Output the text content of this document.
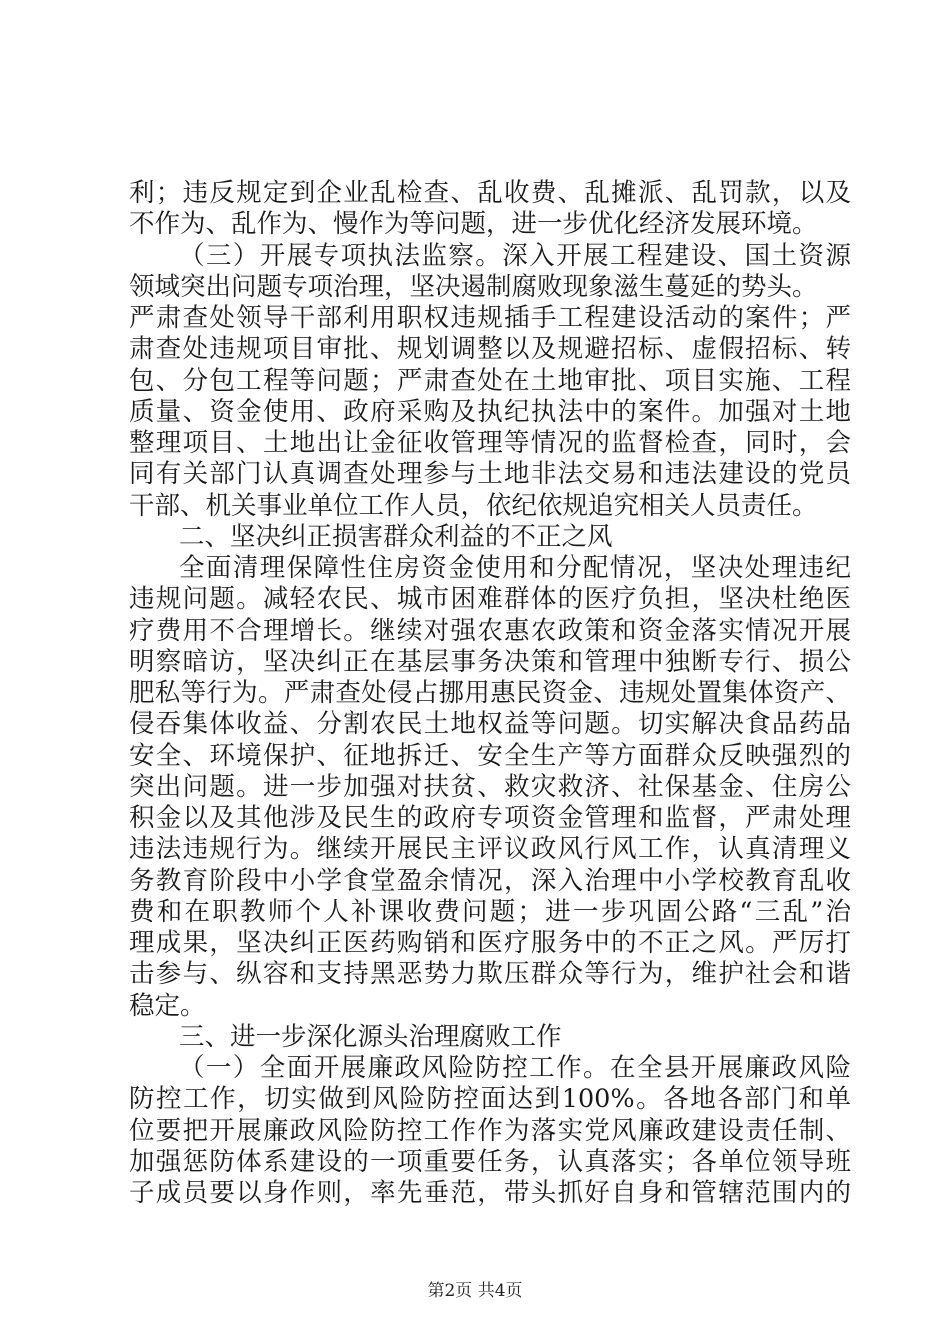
利；违反规定到企业乱检查、乱收费、乱摊派、乱罚款，以及
不作为、乱作为、慢作为等问题，进一步优化经济发展环境。
（三）开展专项执法监察。深入开展工程建设、国土资源
领域突出问题专项治理，坚决遏制腐败现象滋生蔓延的势头。
严肃查处领导干部利用职权违规插手工程建设活动的案件；严
肃查处违规项目审批、规划调整以及规避招标、虚假招标、转
包、分包工程等问题；严肃查处在土地审批、项目实施、工程
质量、资金使用、政府采购及执纪执法中的案件。加强对土地
整理项目、土地出让金征收管理等情况的监督检查，同时，会
同有关部门认真调查处理参与土地非法交易和违法建设的党员
干部、机关事业单位工作人员，依纪依规追究相关人员责任。
二、坚决纠正损害群众利益的不正之风
全面清理保障性住房资金使用和分配情况，坚决处理违纪
违规问题。减轻农民、城市困难群体的医疗负担，坚决杜绝医
疗费用不合理增长。继续对强农惠农政策和资金落实情况开展
明察暗访，坚决纠正在基层事务决策和管理中独断专行、损公
肥私等行为。严肃查处侵占挪用惠民资金、违规处置集体资产、
侵吞集体收益、分割农民土地权益等问题。切实解决食品药品
安全、环境保护、征地拆迁、安全生产等方面群众反映强烈的
突出问题。进一步加强对扶贫、救灾救济、社保基金、住房公
积金以及其他涉及民生的政府专项资金管理和监督，严肃处理
违法违规行为。继续开展民主评议政风行风工作，认真清理义
务教育阶段中小学食堂盈余情况，深入治理中小学校教育乱收
费和在职教师个人补课收费问题；进一步巩固公路“三乱”治
理成果，坚决纠正医药购销和医疗服务中的不正之风。严厉打
击参与、纵容和支持黑恶势力欺压群众等行为，维护社会和谐
稳定。
三、进一步深化源头治理腐败工作
（一）全面开展廉政风险防控工作。在全县开展廉政风险
防控工作，切实做到风险防控面达到100%。各地各部门和单
位要把开展廉政风险防控工作作为落实党风廉政建设责任制、
加强惩防体系建设的一项重要任务，认真落实；各单位领导班
子成员要以身作则，率先垂范，带头抓好自身和管辖范围内的
第2页 共4页
